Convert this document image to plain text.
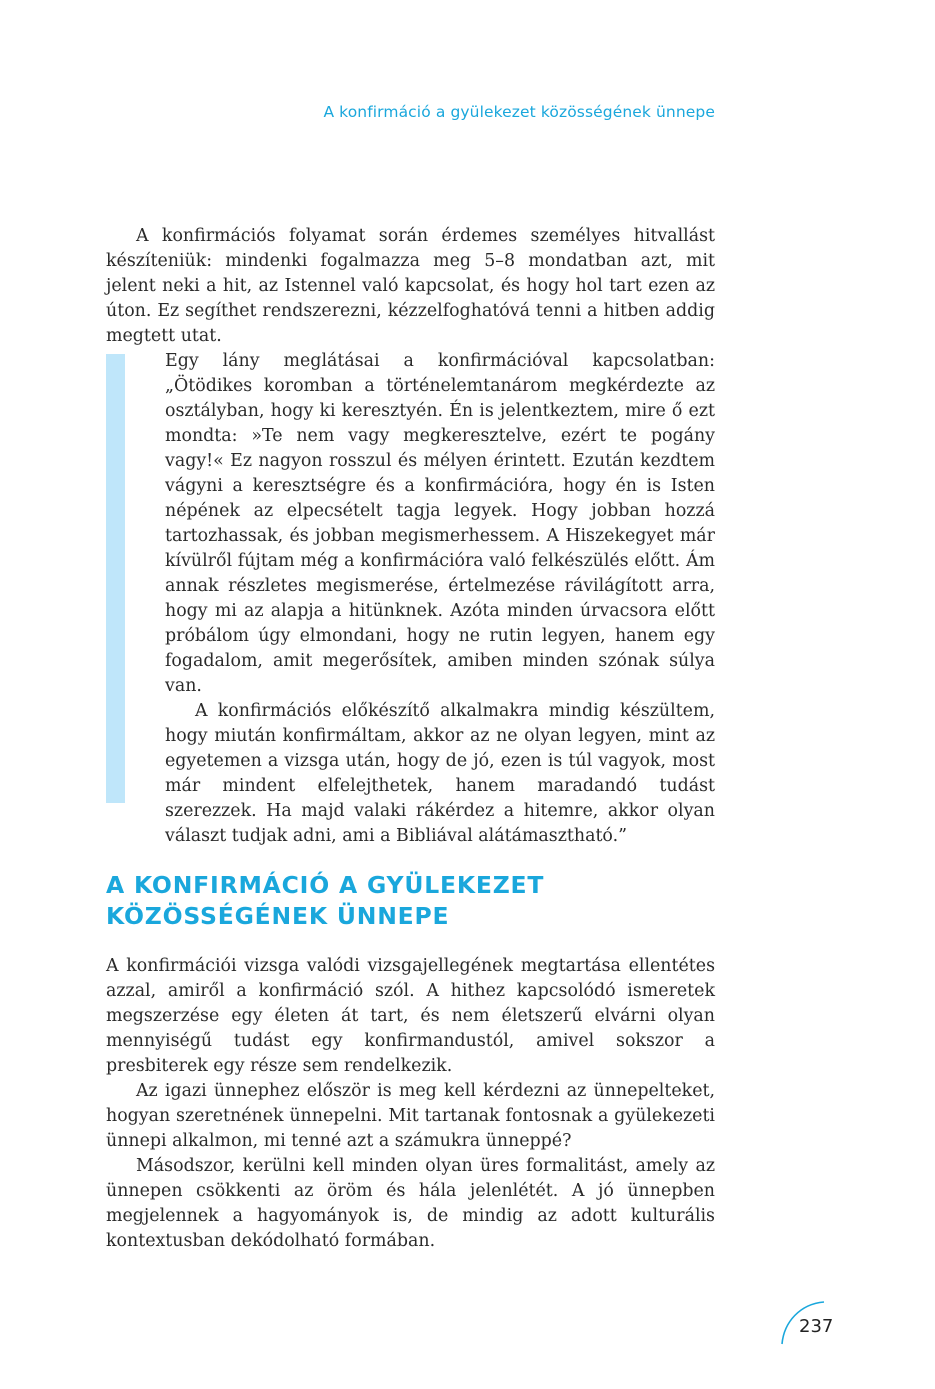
A konfirmáció a gyülekezet közösségének ünnepe

A konfirmációs folyamat során érdemes személyes hitvallást készíteniük: mindenki fogalmazza meg 5–8 mondatban azt, mit jelent neki a hit, az Istennel való kapcsolat, és hogy hol tart ezen az úton. Ez segíthet rendszerezni, kézzelfoghatóvá tenni a hitben addig megtett utat.

Egy lány meglátásai a konfirmációval kapcsolatban: „Ötödikes koromban a történelemtanárom megkérdezte az osztályban, hogy ki keresztyén. Én is jelentkeztem, mire ő ezt mondta: »Te nem vagy megkeresztelve, ezért te pogány vagy!« Ez nagyon rosszul és mélyen érintett. Ezután kezdtem vágyni a keresztségre és a konfirmációra, hogy én is Isten népének az elpecsételt tagja legyek. Hogy jobban hozzá tartozhassak, és jobban megismerhessem. A Hiszekegyet már kívülről fújtam még a konfirmációra való felkészülés előtt. Ám annak részletes megismerése, értelmezése rávilágított arra, hogy mi az alapja a hitünknek. Azóta minden úrvacsora előtt próbálom úgy elmondani, hogy ne rutin legyen, hanem egy fogadalom, amit megerősítek, amiben minden szónak súlya van.

A konfirmációs előkészítő alkalmakra mindig készültem, hogy miután konfirmáltam, akkor az ne olyan legyen, mint az egyetemen a vizsga után, hogy de jó, ezen is túl vagyok, most már mindent elfelejthetek, hanem maradandó tudást szerezzek. Ha majd valaki rákérdez a hitemre, akkor olyan választ tudjak adni, ami a Bibliával alátámasztható.”

A KONFIRMÁCIÓ A GYÜLEKEZET KÖZÖSSÉGÉNEK ÜNNEPE

A konfirmációi vizsga valódi vizsgajellegének megtartása ellentétes azzal, amiről a konfirmáció szól. A hithez kapcsolódó ismeretek megszerzése egy életen át tart, és nem életszerű elvárni olyan mennyiségű tudást egy konfirmandustól, amivel sokszor a presbiterek egy része sem rendelkezik.

Az igazi ünnephez először is meg kell kérdezni az ünnepelteket, hogyan szeretnének ünnepelni. Mit tartanak fontosnak a gyülekezeti ünnepi alkalmon, mi tenné azt a számukra ünneppé?

Másodszor, kerülni kell minden olyan üres formalitást, amely az ünnepen csökkenti az öröm és hála jelenlétét. A jó ünnepben megjelennek a hagyományok is, de mindig az adott kulturális kontextusban dekódolható formában.

237
